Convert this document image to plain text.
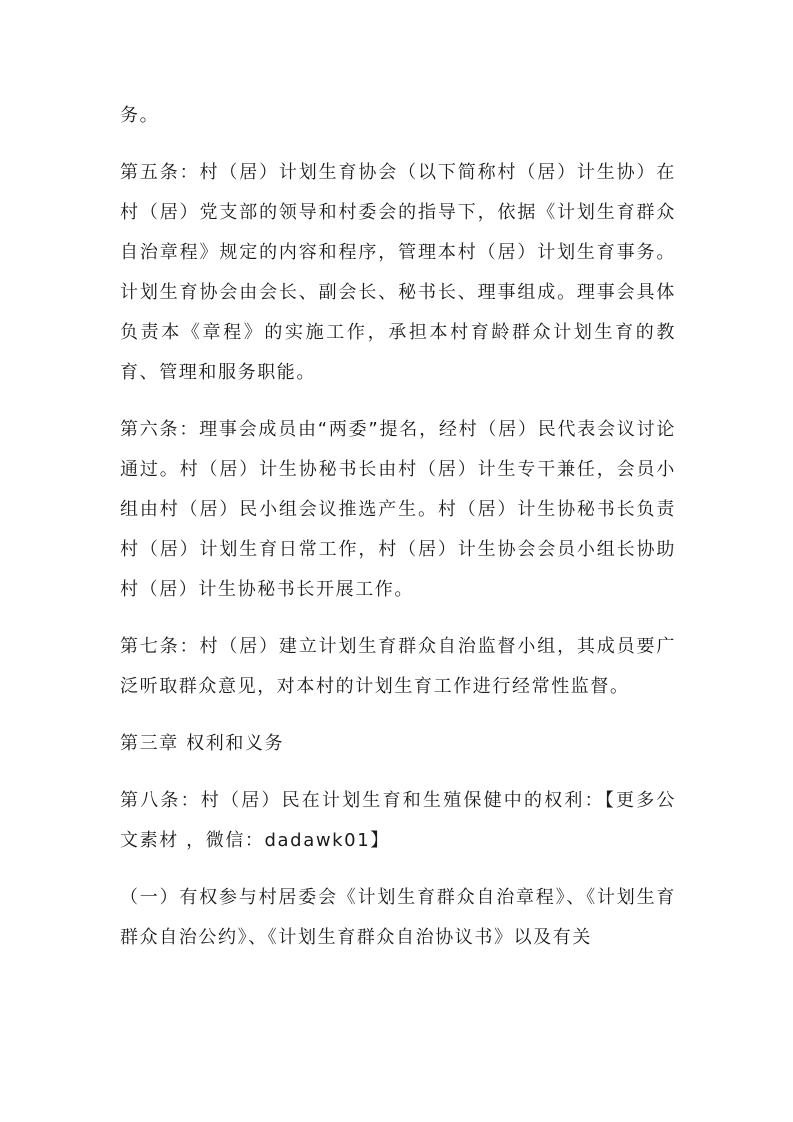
务。

第五条：村（居）计划生育协会（以下简称村（居）计生协）在村（居）党支部的领导和村委会的指导下，依据《计划生育群众自治章程》规定的内容和程序，管理本村（居）计划生育事务。计划生育协会由会长、副会长、秘书长、理事组成。理事会具体负责本《章程》的实施工作，承担本村育龄群众计划生育的教育、管理和服务职能。

第六条：理事会成员由“两委”提名，经村（居）民代表会议讨论通过。村（居）计生协秘书长由村（居）计生专干兼任，会员小组由村（居）民小组会议推选产生。村（居）计生协秘书长负责村（居）计划生育日常工作，村（居）计生协会会员小组长协助村（居）计生协秘书长开展工作。

第七条：村（居）建立计划生育群众自治监督小组，其成员要广泛听取群众意见，对本村的计划生育工作进行经常性监督。

第三章 权利和义务

第八条：村（居）民在计划生育和生殖保健中的权利：【更多公文素材 ，微信：dadawk01】

（一）有权参与村居委会《计划生育群众自治章程》、《计划生育群众自治公约》、《计划生育群众自治协议书》以及有关
